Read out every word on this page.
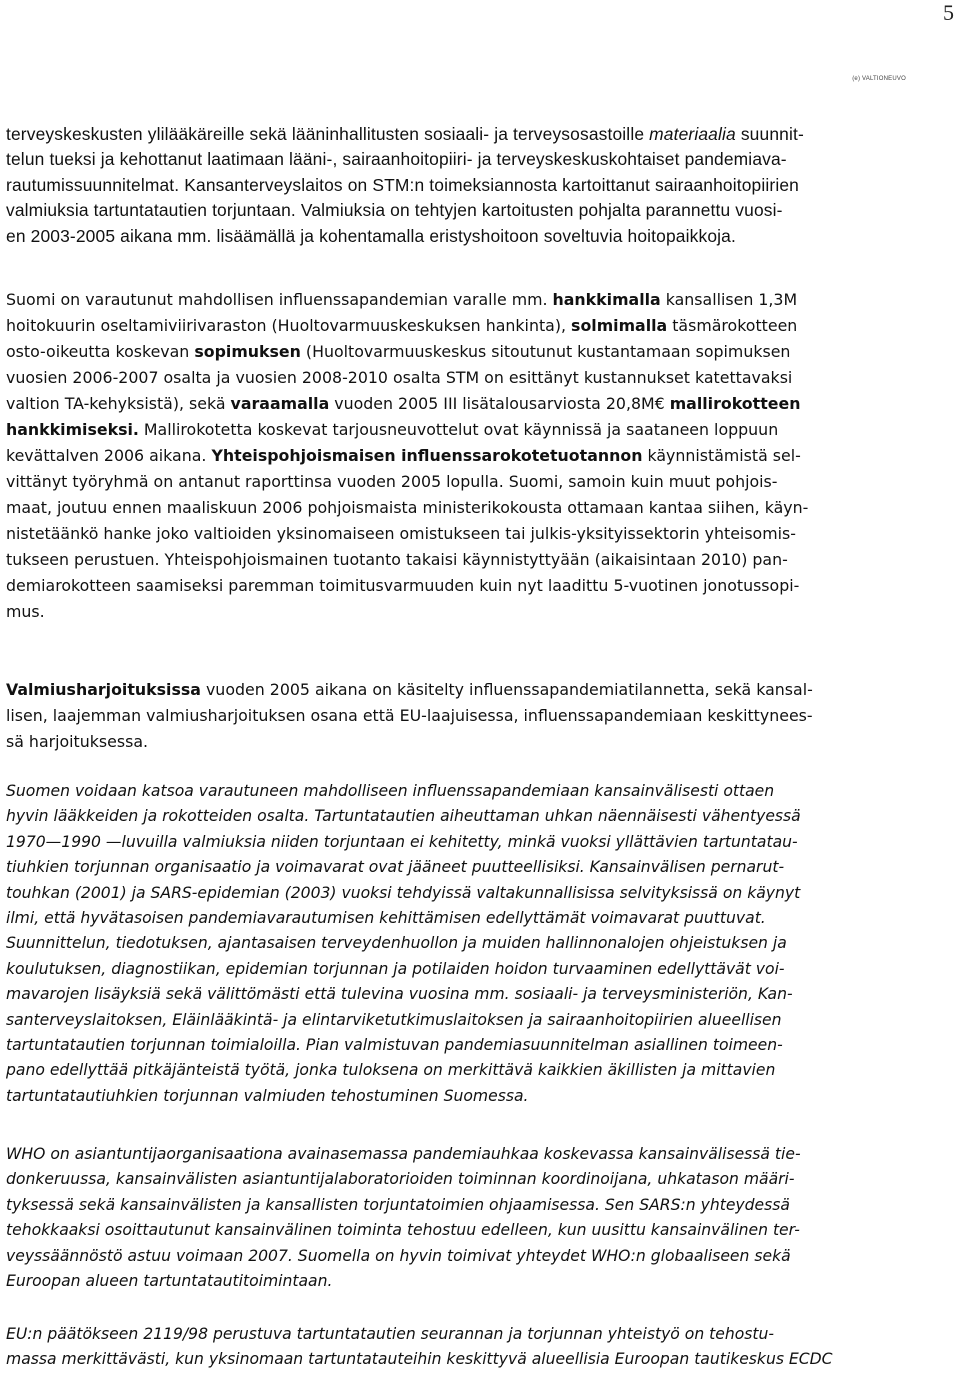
5
(e) VALTIONEUVO

terveyskeskusten ylilääkäreille sekä lääninhallitusten sosiaali- ja terveysosastoille materiaalia suunnit-
telun tueksi ja kehottanut laatimaan lääni-, sairaanhoitopiiri- ja terveyskeskuskohtaiset pandemiava-
rautumissuunnitelmat. Kansanterveyslaitos on STM:n toimeksiannosta kartoittanut sairaanhoitopiirien
valmiuksia tartuntatautien torjuntaan. Valmiuksia on tehtyjen kartoitusten pohjalta parannettu vuosi-
en 2003-2005 aikana mm. lisäämällä ja kohentamalla eristyshoitoon soveltuvia hoitopaikkoja.

Suomi on varautunut mahdollisen influenssapandemian varalle mm. hankkimalla kansallisen 1,3M
hoitokuurin oseltamiviirivaraston (Huoltovarmuuskeskuksen hankinta), solmimalla täsmärokotteen
osto-oikeutta koskevan sopimuksen (Huoltovarmuuskeskus sitoutunut kustantamaan sopimuksen
vuosien 2006-2007 osalta ja vuosien 2008-2010 osalta STM on esittänyt kustannukset katettavaksi
valtion TA-kehyksistä), sekä varaamalla vuoden 2005 III lisätalousarviosta 20,8M€ mallirokotteen
hankkimiseksi. Mallirokotetta koskevat tarjousneuvottelut ovat käynnissä ja saataneen loppuun
kevättalven 2006 aikana. Yhteispohjoismaisen influenssarokotetuotannon käynnistämistä sel-
vittänyt työryhmä on antanut raporttinsa vuoden 2005 lopulla. Suomi, samoin kuin muut pohjois-
maat, joutuu ennen maaliskuun 2006 pohjoismaista ministerikokousta ottamaan kantaa siihen, käyn-
nistetäänkö hanke joko valtioiden yksinomaiseen omistukseen tai julkis-yksityissektorin yhteisomis-
tukseen perustuen. Yhteispohjoismainen tuotanto takaisi käynnistyttyään (aikaisintaan 2010) pan-
demiarokotteen saamiseksi paremman toimitusvarmuuden kuin nyt laadittu 5-vuotinen jonotussopi-
mus.

Valmiusharjoituksissa vuoden 2005 aikana on käsitelty influenssapandemiatilannetta, sekä kansal-
lisen, laajemman valmiusharjoituksen osana että EU-laajuisessa, influenssapandemiaan keskittynees-
sä harjoituksessa.

Suomen voidaan katsoa varautuneen mahdolliseen influenssapandemiaan kansainvälisesti ottaen
hyvin lääkkeiden ja rokotteiden osalta. Tartuntatautien aiheuttaman uhkan näennäisesti vähentyessä
1970—1990 —luvuilla valmiuksia niiden torjuntaan ei kehitetty, minkä vuoksi yllättävien tartuntatau-
tiuhkien torjunnan organisaatio ja voimavarat ovat jääneet puutteellisiksi. Kansainvälisen pernarut-
touhkan (2001) ja SARS-epidemian (2003) vuoksi tehdyissä valtakunnallisissa selvityksissä on käynyt
ilmi, että hyvätasoisen pandemiavarautumisen kehittämisen edellyttämät voimavarat puuttuvat.
Suunnittelun, tiedotuksen, ajantasaisen terveydenhuollon ja muiden hallinnonalojen ohjeistuksen ja
koulutuksen, diagnostiikan, epidemian torjunnan ja potilaiden hoidon turvaaminen edellyttävät voi-
mavarojen lisäyksiä sekä välittömästi että tulevina vuosina mm. sosiaali- ja terveysministeriön, Kan-
santerveyslaitoksen, Eläinlääkintä- ja elintarviketutkimuslaitoksen ja sairaanhoitopiirien alueellisen
tartuntatautien torjunnan toimialoilla. Pian valmistuvan pandemiasuunnitelman asiallinen toimeen-
pano edellyttää pitkäjänteistä työtä, jonka tuloksena on merkittävä kaikkien äkillisten ja mittavien
tartuntatautiuhkien torjunnan valmiuden tehostuminen Suomessa.

WHO on asiantuntijaorganisaationa avainasemassa pandemiauhkaa koskevassa kansainvälisessä tie-
donkeruussa, kansainvälisten asiantuntijalaboratorioiden toiminnan koordinoijana, uhkatason määri-
tyksessä sekä kansainvälisten ja kansallisten torjuntatoimien ohjaamisessa. Sen SARS:n yhteydessä
tehokkaaksi osoittautunut kansainvälinen toiminta tehostuu edelleen, kun uusittu kansainvälinen ter-
veyssäännöstö astuu voimaan 2007. Suomella on hyvin toimivat yhteydet WHO:n globaaliseen sekä
Euroopan alueen tartuntatautitoimintaan.

EU:n päätökseen 2119/98 perustuva tartuntatautien seurannan ja torjunnan yhteistyö on tehostu-
massa merkittävästi, kun yksinomaan tartuntatauteihin keskittyvä alueellisia Euroopan tautikeskus ECDC
